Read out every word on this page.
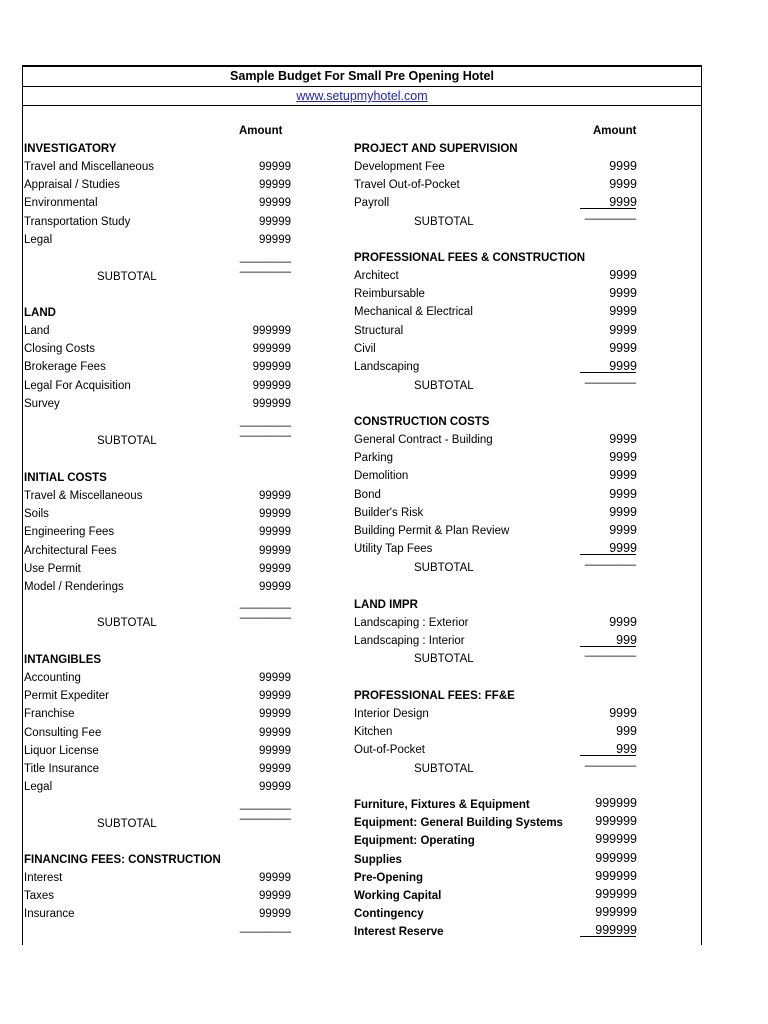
Sample Budget For Small Pre Opening Hotel
www.setupmyhotel.com
Amount	Amount
INVESTIGATORY
Travel and Miscellaneous	99999
Appraisal / Studies	99999
Environmental	99999
Transportation Study	99999
Legal	99999
________
________
SUBTOTAL
LAND
Land	999999
Closing Costs	999999
Brokerage Fees	999999
Legal For Acquisition	999999
Survey	999999
________
________
SUBTOTAL
INITIAL COSTS
Travel & Miscellaneous	99999
Soils	99999
Engineering Fees	99999
Architectural Fees	99999
Use Permit	99999
Model / Renderings	99999
________
________
SUBTOTAL
INTANGIBLES
Accounting	99999
Permit Expediter	99999
Franchise	99999
Consulting Fee	99999
Liquor License	99999
Title Insurance	99999
Legal	99999
________
________
SUBTOTAL
FINANCING FEES: CONSTRUCTION
Interest	99999
Taxes	99999
Insurance	99999
________
PROJECT AND SUPERVISION
Development Fee	9999
Travel Out-of-Pocket	9999
Payroll	9999
SUBTOTAL
________
PROFESSIONAL FEES & CONSTRUCTION
Architect	9999
Reimbursable	9999
Mechanical & Electrical	9999
Structural	9999
Civil	9999
Landscaping	9999
SUBTOTAL
________
CONSTRUCTION COSTS
General Contract - Building	9999
Parking	9999
Demolition	9999
Bond	9999
Builder's Risk	9999
Building Permit & Plan Review	9999
Utility Tap Fees	9999
SUBTOTAL
________
LAND IMPR
Landscaping : Exterior	9999
Landscaping : Interior	999
SUBTOTAL
________
PROFESSIONAL FEES: FF&E
Interior Design	9999
Kitchen	999
Out-of-Pocket	999
SUBTOTAL
________
Furniture, Fixtures & Equipment	999999
Equipment: General Building Systems	999999
Equipment: Operating	999999
Supplies	999999
Pre-Opening	999999
Working Capital	999999
Contingency	999999
Interest Reserve	999999
